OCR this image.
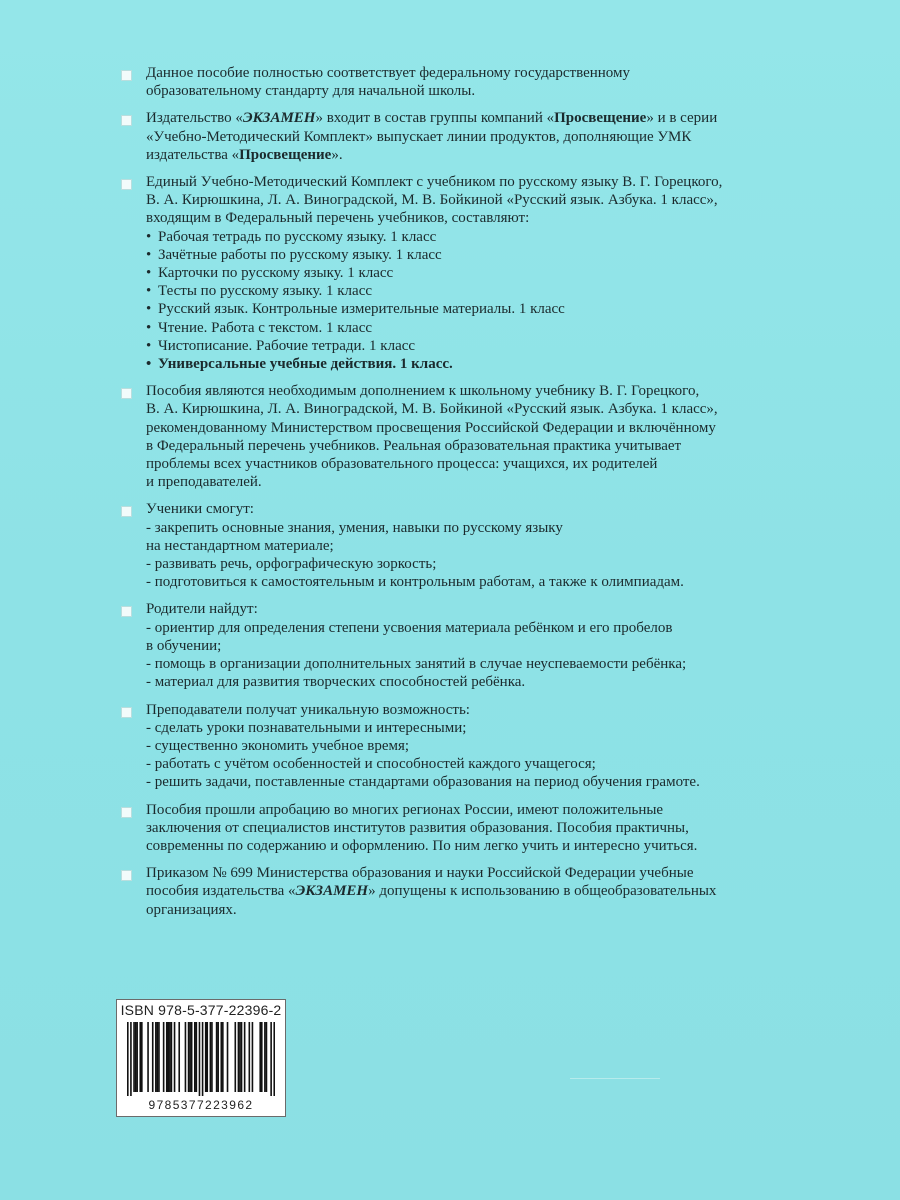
Данное пособие полностью соответствует федеральному государственному
образовательному стандарту для начальной школы.
Издательство «ЭКЗАМЕН» входит в состав группы компаний «Просвещение» и в серии
«Учебно-Методический Комплект» выпускает линии продуктов, дополняющие УМК
издательства «Просвещение».
Единый Учебно-Методический Комплект с учебником по русскому языку В. Г. Горецкого,
В. А. Кирюшкина, Л. А. Виноградской, М. В. Бойкиной «Русский язык. Азбука. 1 класс»,
входящим в Федеральный перечень учебников, составляют:
• Рабочая тетрадь по русскому языку. 1 класс
• Зачётные работы по русскому языку. 1 класс
• Карточки по русскому языку. 1 класс
• Тесты по русскому языку. 1 класс
• Русский язык. Контрольные измерительные материалы. 1 класс
• Чтение. Работа с текстом. 1 класс
• Чистописание. Рабочие тетради. 1 класс
• Универсальные учебные действия. 1 класс.
Пособия являются необходимым дополнением к школьному учебнику В. Г. Горецкого,
В. А. Кирюшкина, Л. А. Виноградской, М. В. Бойкиной «Русский язык. Азбука. 1 класс»,
рекомендованному Министерством просвещения Российской Федерации и включённому
в Федеральный перечень учебников. Реальная образовательная практика учитывает
проблемы всех участников образовательного процесса: учащихся, их родителей
и преподавателей.
Ученики смогут:
- закрепить основные знания, умения, навыки по русскому языку
на нестандартном материале;
- развивать речь, орфографическую зоркость;
- подготовиться к самостоятельным и контрольным работам, а также к олимпиадам.
Родители найдут:
- ориентир для определения степени усвоения материала ребёнком и его пробелов
в обучении;
- помощь в организации дополнительных занятий в случае неуспеваемости ребёнка;
- материал для развития творческих способностей ребёнка.
Преподаватели получат уникальную возможность:
- сделать уроки познавательными и интересными;
- существенно экономить учебное время;
- работать с учётом особенностей и способностей каждого учащегося;
- решить задачи, поставленные стандартами образования на период обучения грамоте.
Пособия прошли апробацию во многих регионах России, имеют положительные
заключения от специалистов институтов развития образования. Пособия практичны,
современны по содержанию и оформлению. По ним легко учить и интересно учиться.
Приказом № 699 Министерства образования и науки Российской Федерации учебные
пособия издательства «ЭКЗАМЕН» допущены к использованию в общеобразовательных
организациях.
ISBN 978-5-377-22396-2
9785377223962
